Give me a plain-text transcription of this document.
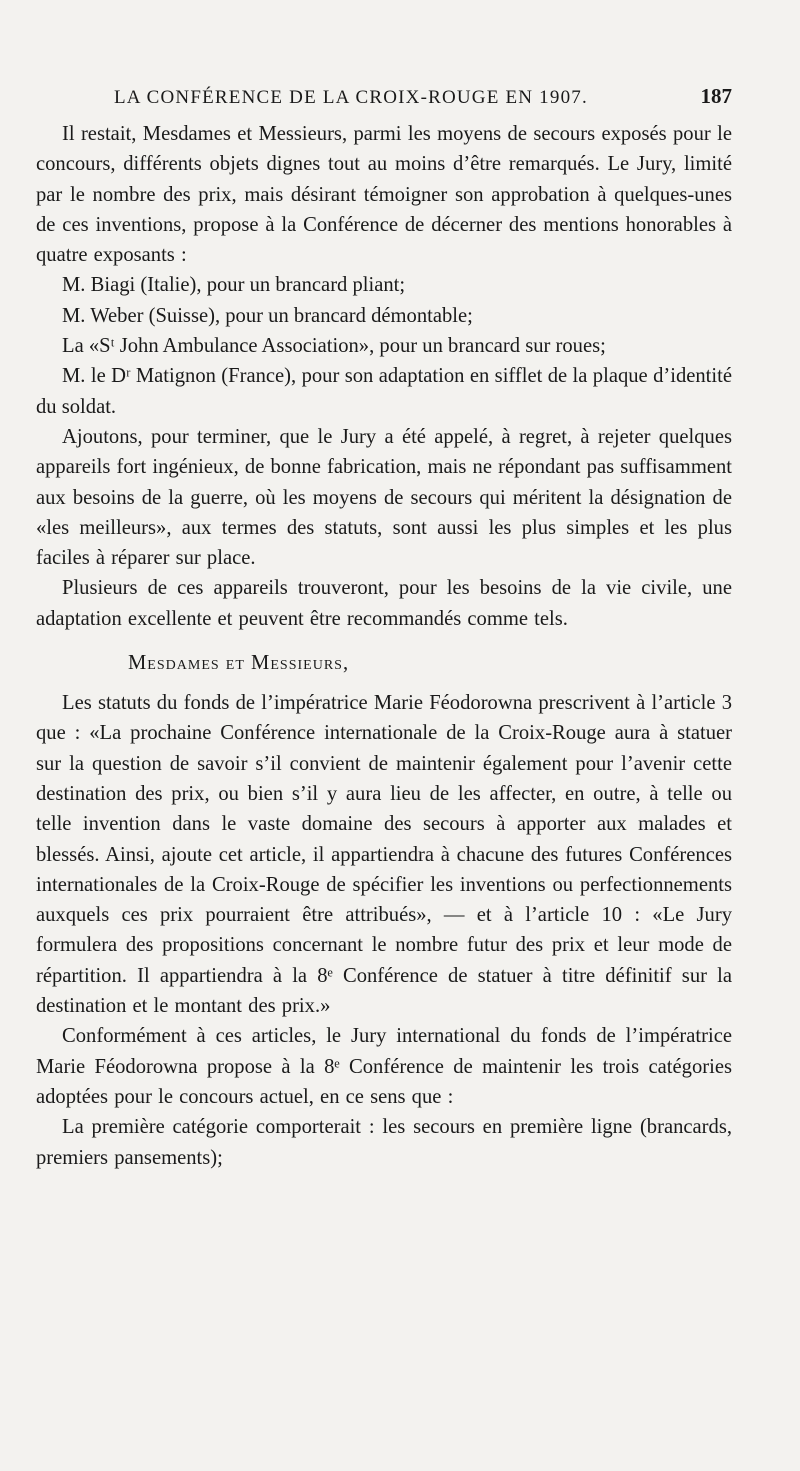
LA CONFÉRENCE DE LA CROIX-ROUGE EN 1907.	187

Il restait, Mesdames et Messieurs, parmi les moyens de secours exposés pour le concours, différents objets dignes tout au moins d’être remarqués. Le Jury, limité par le nombre des prix, mais désirant témoigner son approbation à quelques-unes de ces inventions, propose à la Conférence de décerner des mentions honorables à quatre exposants :

M. Biagi (Italie), pour un brancard pliant;
M. Weber (Suisse), pour un brancard démontable;
La «Sᵗ John Ambulance Association», pour un brancard sur roues;
M. le Dʳ Matignon (France), pour son adaptation en sifflet de la plaque d’identité du soldat.

Ajoutons, pour terminer, que le Jury a été appelé, à regret, à rejeter quelques appareils fort ingénieux, de bonne fabrication, mais ne répondant pas suffisamment aux besoins de la guerre, où les moyens de secours qui méritent la désignation de «les meilleurs», aux termes des statuts, sont aussi les plus simples et les plus faciles à réparer sur place.

Plusieurs de ces appareils trouveront, pour les besoins de la vie civile, une adaptation excellente et peuvent être recommandés comme tels.

Mesdames et Messieurs,

Les statuts du fonds de l’impératrice Marie Féodorowna prescrivent à l’article 3 que : «La prochaine Conférence internationale de la Croix-Rouge aura à statuer sur la question de savoir s’il convient de maintenir également pour l’avenir cette destination des prix, ou bien s’il y aura lieu de les affecter, en outre, à telle ou telle invention dans le vaste domaine des secours à apporter aux malades et blessés. Ainsi, ajoute cet article, il appartiendra à chacune des futures Conférences internationales de la Croix-Rouge de spécifier les inventions ou perfectionnements auxquels ces prix pourraient être attribués», — et à l’article 10 : «Le Jury formulera des propositions concernant le nombre futur des prix et leur mode de répartition. Il appartiendra à la 8ᵉ Conférence de statuer à titre définitif sur la destination et le montant des prix.»

Conformément à ces articles, le Jury international du fonds de l’impératrice Marie Féodorowna propose à la 8ᵉ Conférence de maintenir les trois catégories adoptées pour le concours actuel, en ce sens que :

La première catégorie comporterait : les secours en première ligne (brancards, premiers pansements);
